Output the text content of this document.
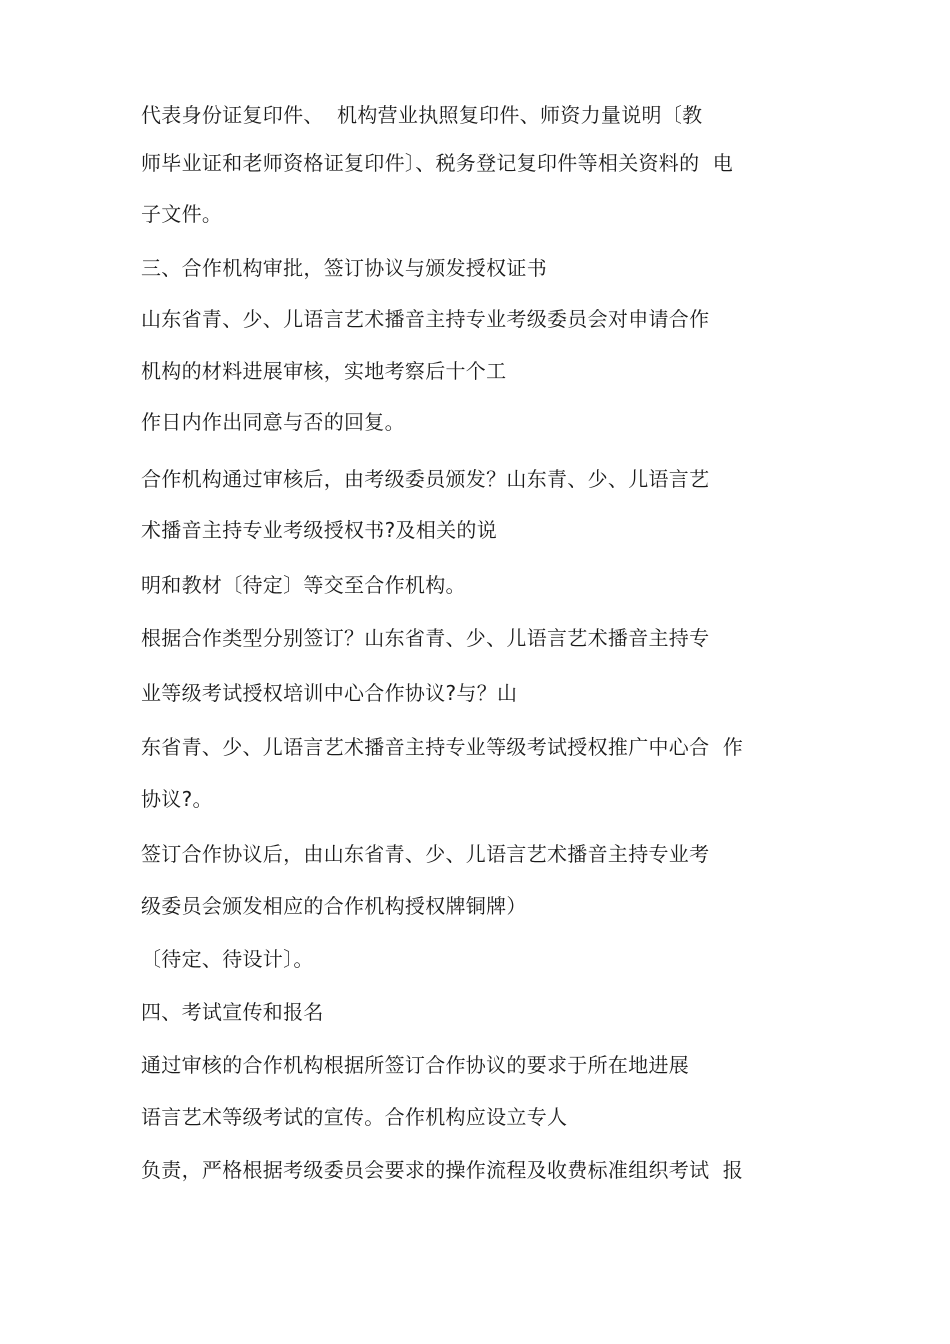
代表身份证复印件、  机构营业执照复印件、师资力量说明〔教

师毕业证和老师资格证复印件〕、税务登记复印件等相关资料的  电

子文件。

三、合作机构审批，签订协议与颁发授权证书

山东省青、少、儿语言艺术播音主持专业考级委员会对申请合作

机构的材料进展审核，实地考察后十个工

作日内作出同意与否的回复。

合作机构通过审核后，由考级委员颁发？山东青、少、儿语言艺

术播音主持专业考级授权书?及相关的说

明和教材〔待定〕等交至合作机构。

根据合作类型分别签订？山东省青、少、儿语言艺术播音主持专

业等级考试授权培训中心合作协议?与？山

东省青、少、儿语言艺术播音主持专业等级考试授权推广中心合  作

协议?。

签订合作协议后，由山东省青、少、儿语言艺术播音主持专业考

级委员会颁发相应的合作机构授权牌铜牌）

〔待定、待设计〕。

四、考试宣传和报名

通过审核的合作机构根据所签订合作协议的要求于所在地进展

语言艺术等级考试的宣传。合作机构应设立专人

负责，严格根据考级委员会要求的操作流程及收费标准组织考试  报
